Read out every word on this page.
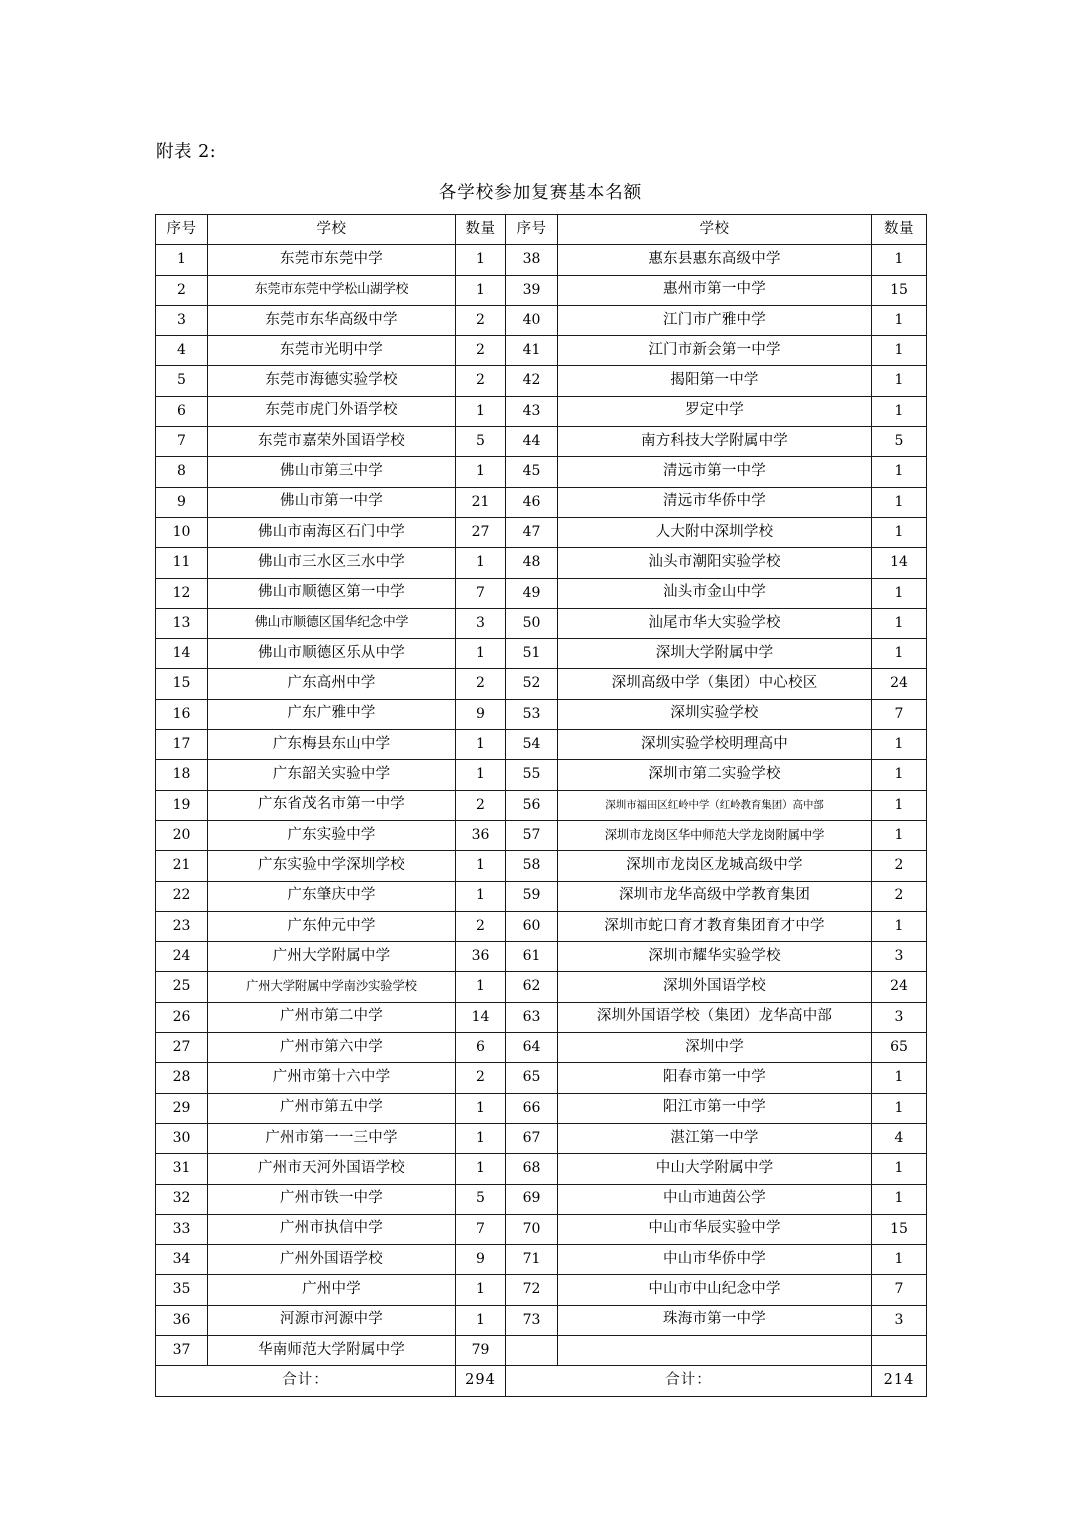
附表 2:
各学校参加复赛基本名额
序号	学校	数量	序号	学校	数量
1	东莞市东莞中学	1	38	惠东县惠东高级中学	1
2	东莞市东莞中学松山湖学校	1	39	惠州市第一中学	15
3	东莞市东华高级中学	2	40	江门市广雅中学	1
4	东莞市光明中学	2	41	江门市新会第一中学	1
5	东莞市海德实验学校	2	42	揭阳第一中学	1
6	东莞市虎门外语学校	1	43	罗定中学	1
7	东莞市嘉荣外国语学校	5	44	南方科技大学附属中学	5
8	佛山市第三中学	1	45	清远市第一中学	1
9	佛山市第一中学	21	46	清远市华侨中学	1
10	佛山市南海区石门中学	27	47	人大附中深圳学校	1
11	佛山市三水区三水中学	1	48	汕头市潮阳实验学校	14
12	佛山市顺德区第一中学	7	49	汕头市金山中学	1
13	佛山市顺德区国华纪念中学	3	50	汕尾市华大实验学校	1
14	佛山市顺德区乐从中学	1	51	深圳大学附属中学	1
15	广东高州中学	2	52	深圳高级中学（集团）中心校区	24
16	广东广雅中学	9	53	深圳实验学校	7
17	广东梅县东山中学	1	54	深圳实验学校明理高中	1
18	广东韶关实验中学	1	55	深圳市第二实验学校	1
19	广东省茂名市第一中学	2	56	深圳市福田区红岭中学（红岭教育集团）高中部	1
20	广东实验中学	36	57	深圳市龙岗区华中师范大学龙岗附属中学	1
21	广东实验中学深圳学校	1	58	深圳市龙岗区龙城高级中学	2
22	广东肇庆中学	1	59	深圳市龙华高级中学教育集团	2
23	广东仲元中学	2	60	深圳市蛇口育才教育集团育才中学	1
24	广州大学附属中学	36	61	深圳市耀华实验学校	3
25	广州大学附属中学南沙实验学校	1	62	深圳外国语学校	24
26	广州市第二中学	14	63	深圳外国语学校（集团）龙华高中部	3
27	广州市第六中学	6	64	深圳中学	65
28	广州市第十六中学	2	65	阳春市第一中学	1
29	广州市第五中学	1	66	阳江市第一中学	1
30	广州市第一一三中学	1	67	湛江第一中学	4
31	广州市天河外国语学校	1	68	中山大学附属中学	1
32	广州市铁一中学	5	69	中山市迪茵公学	1
33	广州市执信中学	7	70	中山市华辰实验中学	15
34	广州外国语学校	9	71	中山市华侨中学	1
35	广州中学	1	72	中山市中山纪念中学	7
36	河源市河源中学	1	73	珠海市第一中学	3
37	华南师范大学附属中学	79			
合计：		294	合计：		214
